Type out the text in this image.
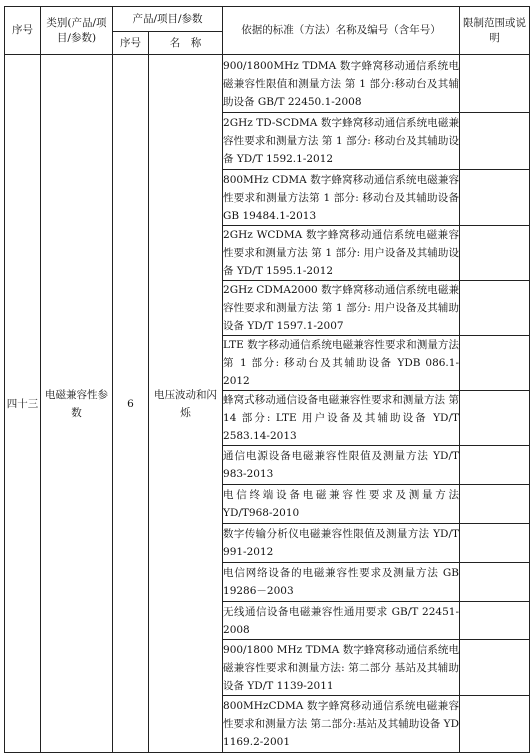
序号	类别(产品/项目/参数)	产品/项目/参数		依据的标准（方法）名称及编号（含年号）	限制范围或说明
		序号	名　称		
四十三	电磁兼容性参数	6	电压波动和闪烁	900/1800MHz TDMA 数字蜂窝移动通信系统电磁兼容性限值和测量方法 第 1 部分:移动台及其辅助设备 GB/T 22450.1-2008	
				2GHz TD-SCDMA 数字蜂窝移动通信系统电磁兼容性要求和测量方法 第 1 部分: 移动台及其辅助设备 YD/T 1592.1-2012	
				800MHz CDMA 数字蜂窝移动通信系统电磁兼容性要求和测量方法第 1 部分: 移动台及其辅助设备 GB 19484.1-2013	
				2GHz WCDMA 数字蜂窝移动通信系统电磁兼容性要求和测量方法 第 1 部分: 用户设备及其辅助设备 YD/T 1595.1-2012	
				2GHz CDMA2000 数字蜂窝移动通信系统电磁兼容性要求和测量方法 第 1 部分: 用户设备及其辅助设备 YD/T 1597.1-2007	
				LTE 数字移动通信系统电磁兼容性要求和测量方法 第 1 部分: 移动台及其辅助设备 YDB 086.1-2012	
				蜂窝式移动通信设备电磁兼容性要求和测量方法 第 14 部分: LTE 用户设备及其辅助设备 YD/T 2583.14-2013	
				通信电源设备电磁兼容性限值及测量方法 YD/T 983-2013	
				电信终端设备电磁兼容性要求及测量方法 YD/T968-2010	
				数字传输分析仪电磁兼容性限值及测量方法 YD/T 991-2012	
				电信网络设备的电磁兼容性要求及测量方法 GB 19286－2003	
				无线通信设备电磁兼容性通用要求 GB/T 22451-2008	
				900/1800 MHz TDMA 数字蜂窝移动通信系统电磁兼容性要求和测量方法: 第二部分 基站及其辅助设备 YD/T 1139-2011	
				800MHzCDMA 数字蜂窝移动通信系统电磁兼容性要求和测量方法 第二部分:基站及其辅助设备 YD 1169.2-2001	
